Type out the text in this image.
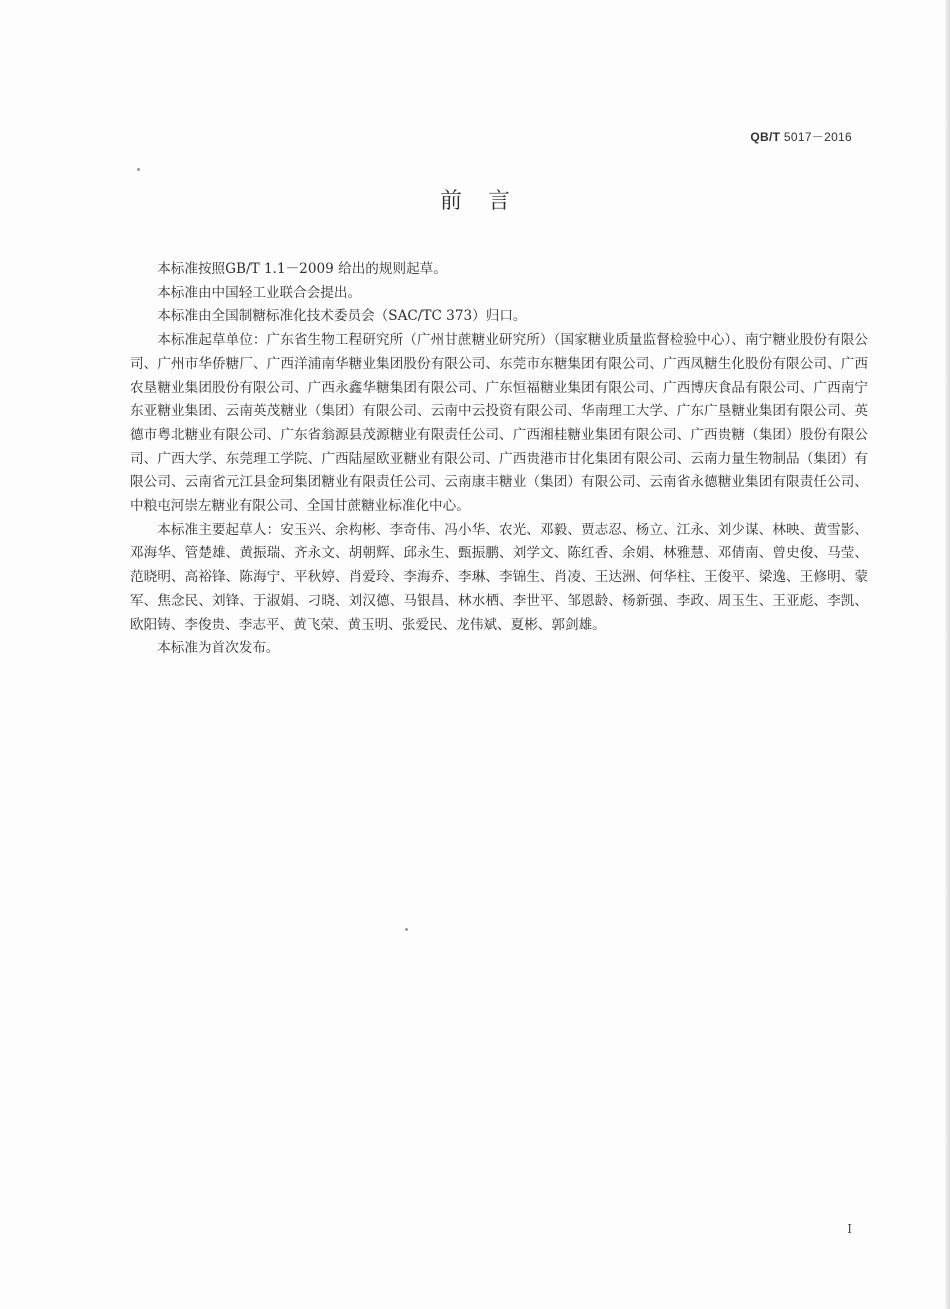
QB/T 5017－2016
前言

本标准按照GB/T 1.1－2009 给出的规则起草。

本标准由中国轻工业联合会提出。

本标准由全国制糖标准化技术委员会（SAC/TC 373）归口。

本标准起草单位：广东省生物工程研究所（广州甘蔗糖业研究所）（国家糖业质量监督检验中心）、南宁糖业股份有限公司、广州市华侨糖厂、广西洋浦南华糖业集团股份有限公司、东莞市东糖集团有限公司、广西凤糖生化股份有限公司、广西农垦糖业集团股份有限公司、广西永鑫华糖集团有限公司、广东恒福糖业集团有限公司、广西博庆食品有限公司、广西南宁东亚糖业集团、云南英茂糖业（集团）有限公司、云南中云投资有限公司、华南理工大学、广东广垦糖业集团有限公司、英德市粤北糖业有限公司、广东省翁源县茂源糖业有限责任公司、广西湘桂糖业集团有限公司、广西贵糖（集团）股份有限公司、广西大学、东莞理工学院、广西陆屋欧亚糖业有限公司、广西贵港市甘化集团有限公司、云南力量生物制品（集团）有限公司、云南省元江县金珂集团糖业有限责任公司、云南康丰糖业（集团）有限公司、云南省永德糖业集团有限责任公司、中粮屯河崇左糖业有限公司、全国甘蔗糖业标准化中心。

本标准主要起草人：安玉兴、余构彬、李奇伟、冯小华、农光、邓毅、贾志忍、杨立、江永、刘少谋、林映、黄雪影、邓海华、管楚雄、黄振瑞、齐永文、胡朝辉、邱永生、甄振鹏、刘学文、陈红香、余娟、林雅慧、邓倩南、曾史俊、马莹、范晓明、高裕锋、陈海宁、平秋婷、肖爱玲、李海乔、李琳、李锦生、肖凌、王达洲、何华柱、王俊平、梁逸、王修明、蒙军、焦念民、刘锋、于淑娟、刁晓、刘汉德、马银昌、林水栖、李世平、邹恩龄、杨新强、李政、周玉生、王亚彪、李凯、欧阳铸、李俊贵、李志平、黄飞荣、黄玉明、张爱民、龙伟斌、夏彬、郭剑雄。

本标准为首次发布。

I
